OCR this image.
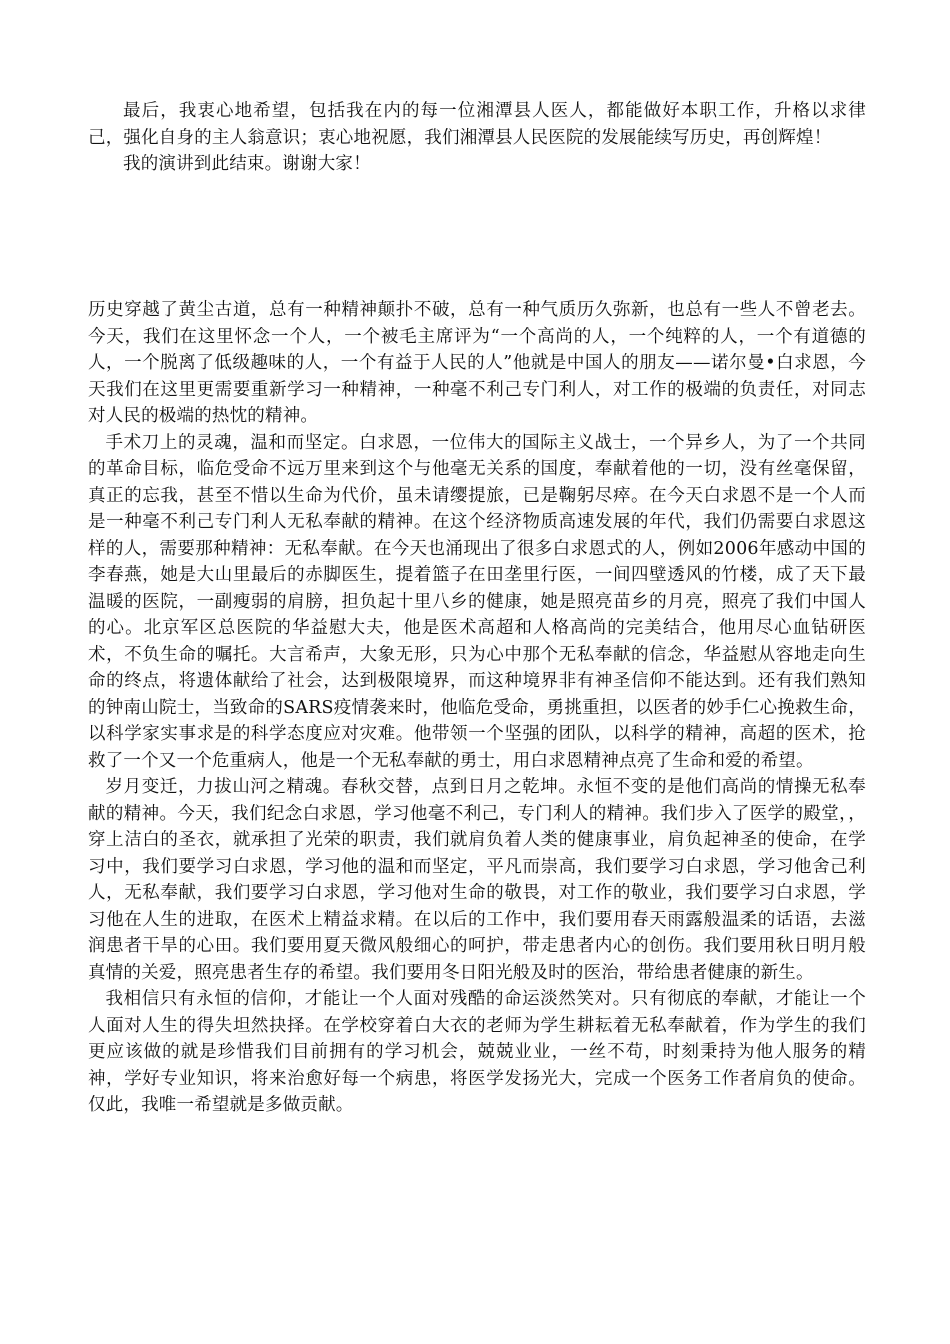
最后，我衷心地希望，包括我在内的每一位湘潭县人医人，都能做好本职工作，升格以求律己，强化自身的主人翁意识；衷心地祝愿，我们湘潭县人民医院的发展能续写历史，再创辉煌！

我的演讲到此结束。谢谢大家！

历史穿越了黄尘古道，总有一种精神颠扑不破，总有一种气质历久弥新，也总有一些人不曾老去。今天，我们在这里怀念一个人，一个被毛主席评为“一个高尚的人，一个纯粹的人，一个有道德的人，一个脱离了低级趣味的人，一个有益于人民的人”他就是中国人的朋友——诺尔曼•白求恩，今天我们在这里更需要重新学习一种精神，一种毫不利己专门利人，对工作的极端的负责任，对同志对人民的极端的热忱的精神。

手术刀上的灵魂，温和而坚定。白求恩，一位伟大的国际主义战士，一个异乡人，为了一个共同的革命目标，临危受命不远万里来到这个与他毫无关系的国度，奉献着他的一切，没有丝毫保留，真正的忘我，甚至不惜以生命为代价，虽未请缨提旅，已是鞠躬尽瘁。在今天白求恩不是一个人而是一种毫不利己专门利人无私奉献的精神。在这个经济物质高速发展的年代，我们仍需要白求恩这样的人，需要那种精神：无私奉献。在今天也涌现出了很多白求恩式的人，例如2006年感动中国的李春燕，她是大山里最后的赤脚医生，提着篮子在田垄里行医，一间四壁透风的竹楼，成了天下最温暖的医院，一副瘦弱的肩膀，担负起十里八乡的健康，她是照亮苗乡的月亮，照亮了我们中国人的心。北京军区总医院的华益慰大夫，他是医术高超和人格高尚的完美结合，他用尽心血钻研医术，不负生命的嘱托。大言希声，大象无形，只为心中那个无私奉献的信念，华益慰从容地走向生命的终点，将遗体献给了社会，达到极限境界，而这种境界非有神圣信仰不能达到。还有我们熟知的钟南山院士，当致命的SARS疫情袭来时，他临危受命，勇挑重担，以医者的妙手仁心挽救生命，以科学家实事求是的科学态度应对灾难。他带领一个坚强的团队，以科学的精神，高超的医术，抢救了一个又一个危重病人，他是一个无私奉献的勇士，用白求恩精神点亮了生命和爱的希望。

岁月变迁，力拔山河之精魂。春秋交替，点到日月之乾坤。永恒不变的是他们高尚的情操无私奉献的精神。今天，我们纪念白求恩，学习他毫不利己，专门利人的精神。我们步入了医学的殿堂，，穿上洁白的圣衣，就承担了光荣的职责，我们就肩负着人类的健康事业，肩负起神圣的使命，在学习中，我们要学习白求恩，学习他的温和而坚定，平凡而崇高，我们要学习白求恩，学习他舍己利人，无私奉献，我们要学习白求恩，学习他对生命的敬畏，对工作的敬业，我们要学习白求恩，学习他在人生的进取，在医术上精益求精。在以后的工作中，我们要用春天雨露般温柔的话语，去滋润患者干旱的心田。我们要用夏天微风般细心的呵护，带走患者内心的创伤。我们要用秋日明月般真情的关爱，照亮患者生存的希望。我们要用冬日阳光般及时的医治，带给患者健康的新生。

我相信只有永恒的信仰，才能让一个人面对残酷的命运淡然笑对。只有彻底的奉献，才能让一个人面对人生的得失坦然抉择。在学校穿着白大衣的老师为学生耕耘着无私奉献着，作为学生的我们更应该做的就是珍惜我们目前拥有的学习机会，兢兢业业，一丝不苟，时刻秉持为他人服务的精神，学好专业知识，将来治愈好每一个病患，将医学发扬光大，完成一个医务工作者肩负的使命。仅此，我唯一希望就是多做贡献。
